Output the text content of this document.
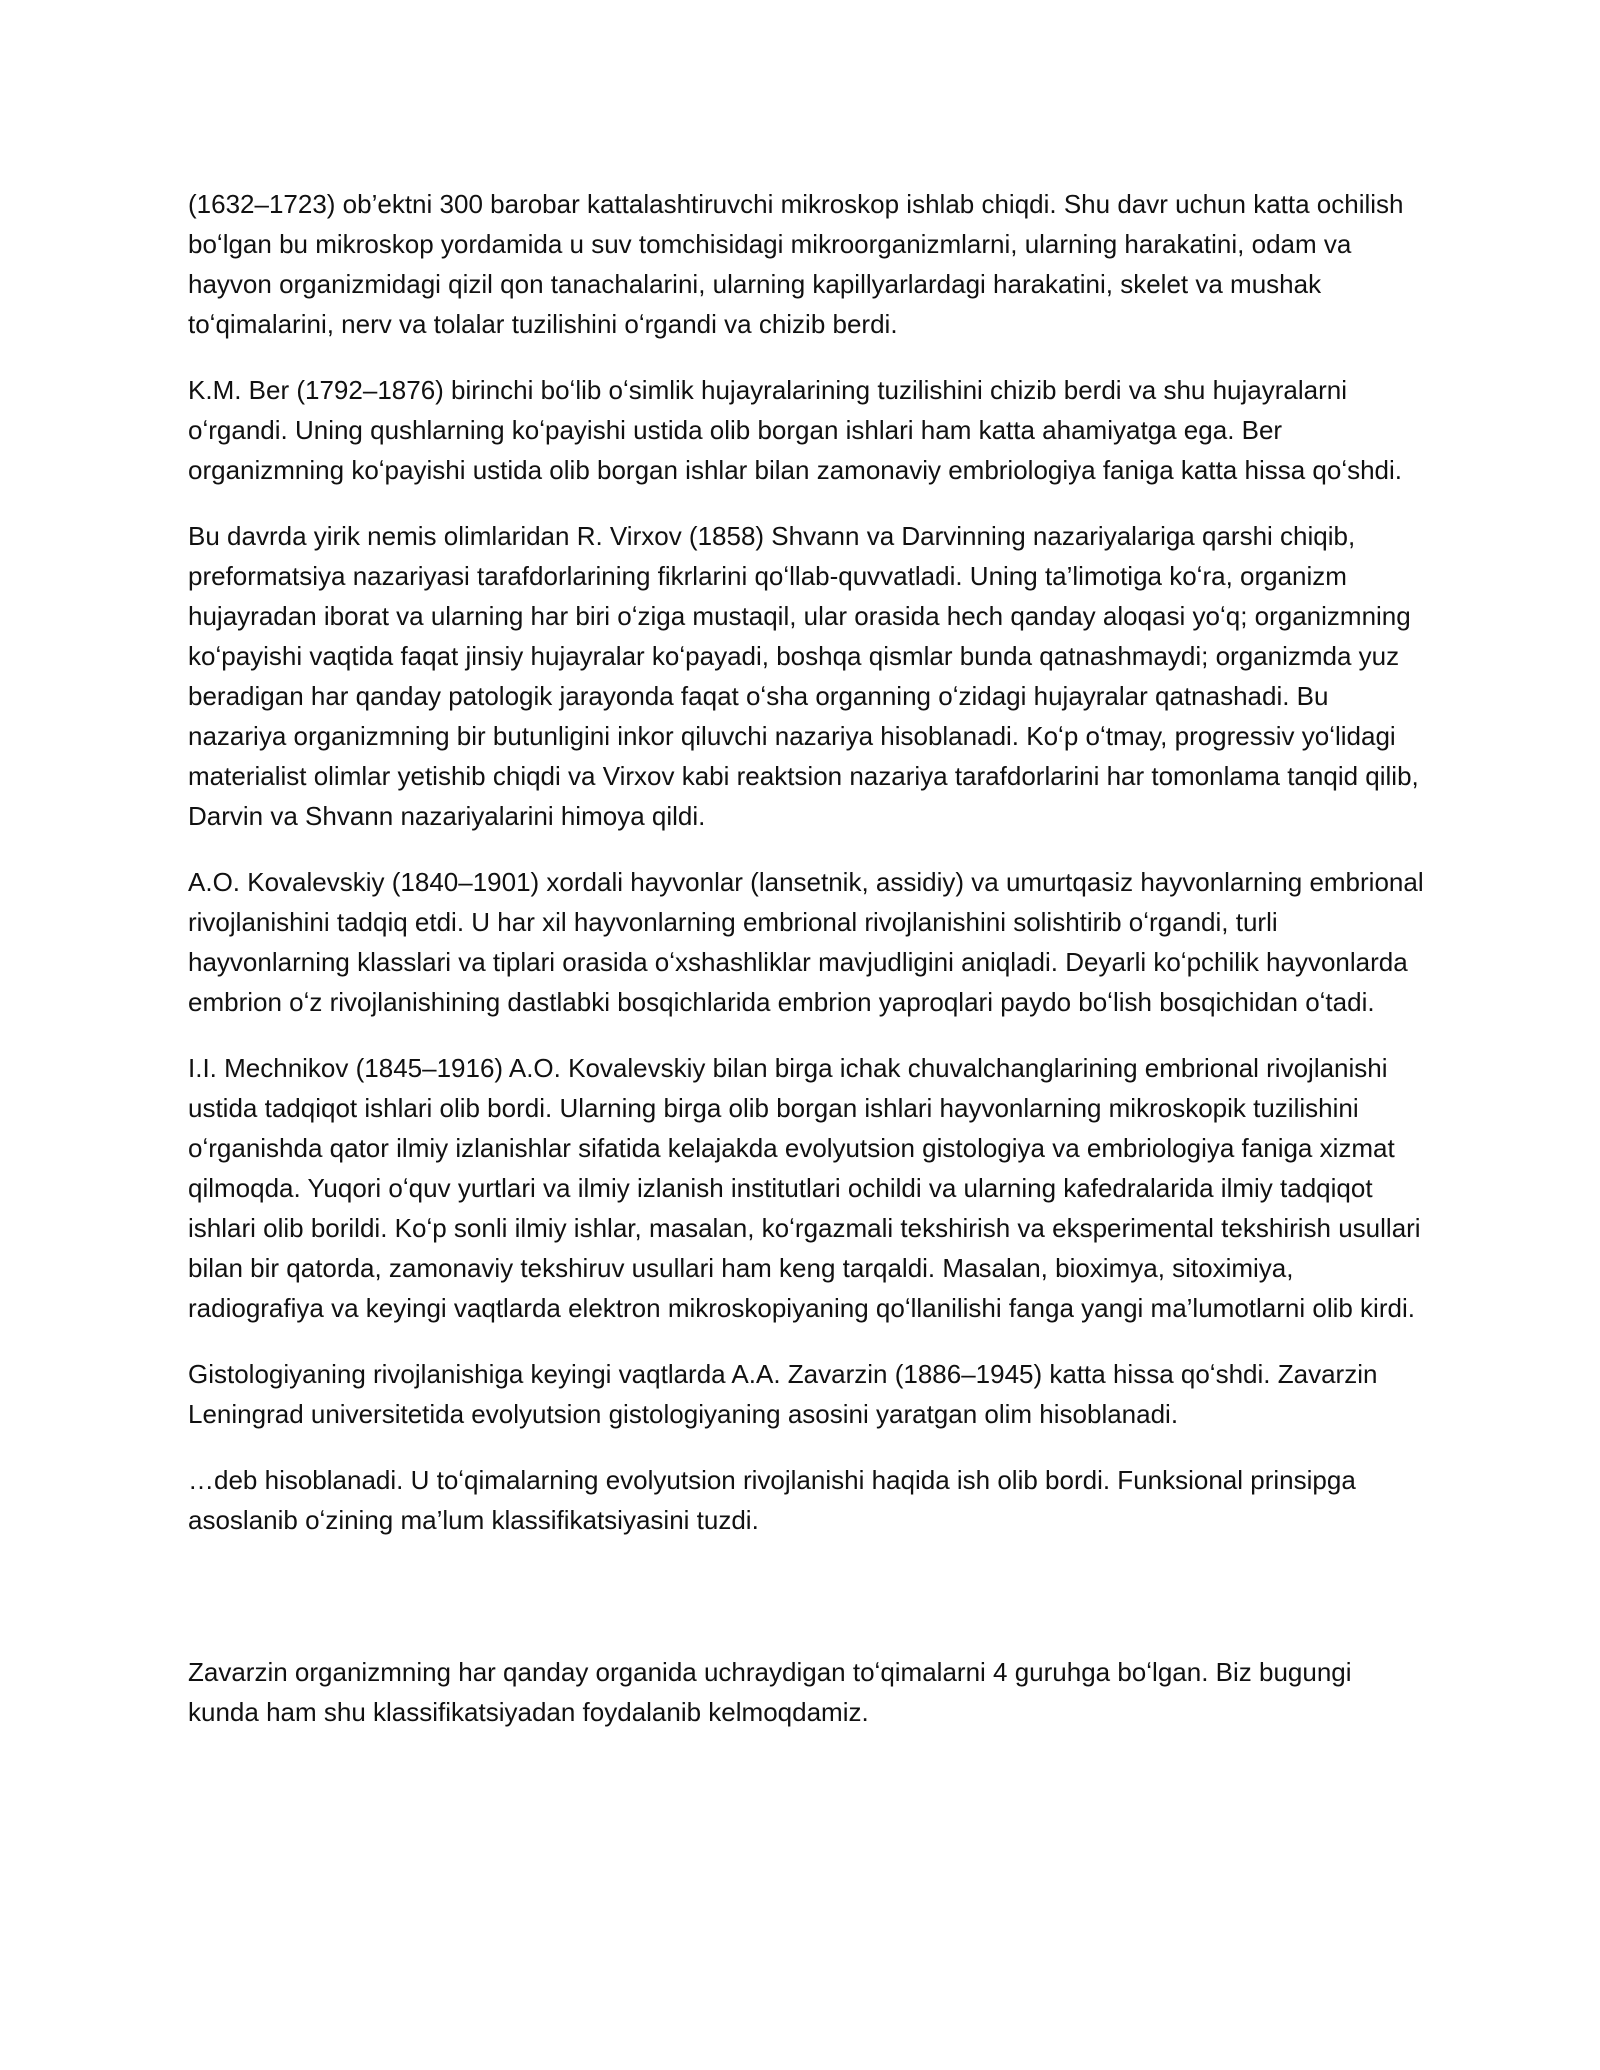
(1632–1723) ob’ektni 300 barobar kattalashtiruvchi mikroskop ishlab chiqdi. Shu davr uchun katta ochilish boʻlgan bu mikroskop yordamida u suv tomchisidagi mikroorganizmlarni, ularning harakatini, odam va hayvon organizmidagi qizil qon tanachalarini, ularning kapillyarlardagi harakatini, skelet va mushak toʻqimalarini, nerv va tolalar tuzilishini oʻrgandi va chizib berdi.

K.M. Ber (1792–1876) birinchi boʻlib oʻsimlik hujayralarining tuzilishini chizib berdi va shu hujayralarni oʻrgandi. Uning qushlarning koʻpayishi ustida olib borgan ishlari ham katta ahamiyatga ega. Ber organizmning koʻpayishi ustida olib borgan ishlar bilan zamonaviy embriologiya faniga katta hissa qoʻshdi.

Bu davrda yirik nemis olimlaridan R. Virxov (1858) Shvann va Darvinning nazariyalariga qarshi chiqib, preformatsiya nazariyasi tarafdorlarining fikrlarini qoʻllab-quvvatladi. Uning ta’limotiga koʻra, organizm hujayradan iborat va ularning har biri oʻziga mustaqil, ular orasida hech qanday aloqasi yoʻq; organizmning koʻpayishi vaqtida faqat jinsiy hujayralar koʻpayadi, boshqa qismlar bunda qatnashmaydi; organizmda yuz beradigan har qanday patologik jarayonda faqat oʻsha organning oʻzidagi hujayralar qatnashadi. Bu nazariya organizmning bir butunligini inkor qiluvchi nazariya hisoblanadi. Koʻp oʻtmay, progressiv yoʻlidagi materialist olimlar yetishib chiqdi va Virxov kabi reaktsion nazariya tarafdorlarini har tomonlama tanqid qilib, Darvin va Shvann nazariyalarini himoya qildi.

A.O. Kovalevskiy (1840–1901) xordali hayvonlar (lansetnik, assidiy) va umurtqasiz hayvonlarning embrional rivojlanishini tadqiq etdi. U har xil hayvonlarning embrional rivojlanishini solishtirib oʻrgandi, turli hayvonlarning klasslari va tiplari orasida oʻxshashliklar mavjudligini aniqladi. Deyarli koʻpchilik hayvonlarda embrion oʻz rivojlanishining dastlabki bosqichlarida embrion yaproqlari paydo boʻlish bosqichidan oʻtadi.

I.I. Mechnikov (1845–1916) A.O. Kovalevskiy bilan birga ichak chuvalchanglarining embrional rivojlanishi ustida tadqiqot ishlari olib bordi. Ularning birga olib borgan ishlari hayvonlarning mikroskopik tuzilishini oʻrganishda qator ilmiy izlanishlar sifatida kelajakda evolyutsion gistologiya va embriologiya faniga xizmat qilmoqda. Yuqori oʻquv yurtlari va ilmiy izlanish institutlari ochildi va ularning kafedralarida ilmiy tadqiqot ishlari olib borildi. Koʻp sonli ilmiy ishlar, masalan, koʻrgazmali tekshirish va eksperimental tekshirish usullari bilan bir qatorda, zamonaviy tekshiruv usullari ham keng tarqaldi. Masalan, bioximya, sitoximiya, radiografiya va keyingi vaqtlarda elektron mikroskopiyaning qoʻllanilishi fanga yangi ma’lumotlarni olib kirdi.

Gistologiyaning rivojlanishiga keyingi vaqtlarda A.A. Zavarzin (1886–1945) katta hissa qoʻshdi. Zavarzin Leningrad universitetida evolyutsion gistologiyaning asosini yaratgan olim hisoblanadi.

…deb hisoblanadi. U toʻqimalarning evolyutsion rivojlanishi haqida ish olib bordi. Funksional prinsipga asoslanib oʻzining ma’lum klassifikatsiyasini tuzdi.

Zavarzin organizmning har qanday organida uchraydigan toʻqimalarni 4 guruhga boʻlgan. Biz bugungi kunda ham shu klassifikatsiyadan foydalanib kelmoqdamiz.
